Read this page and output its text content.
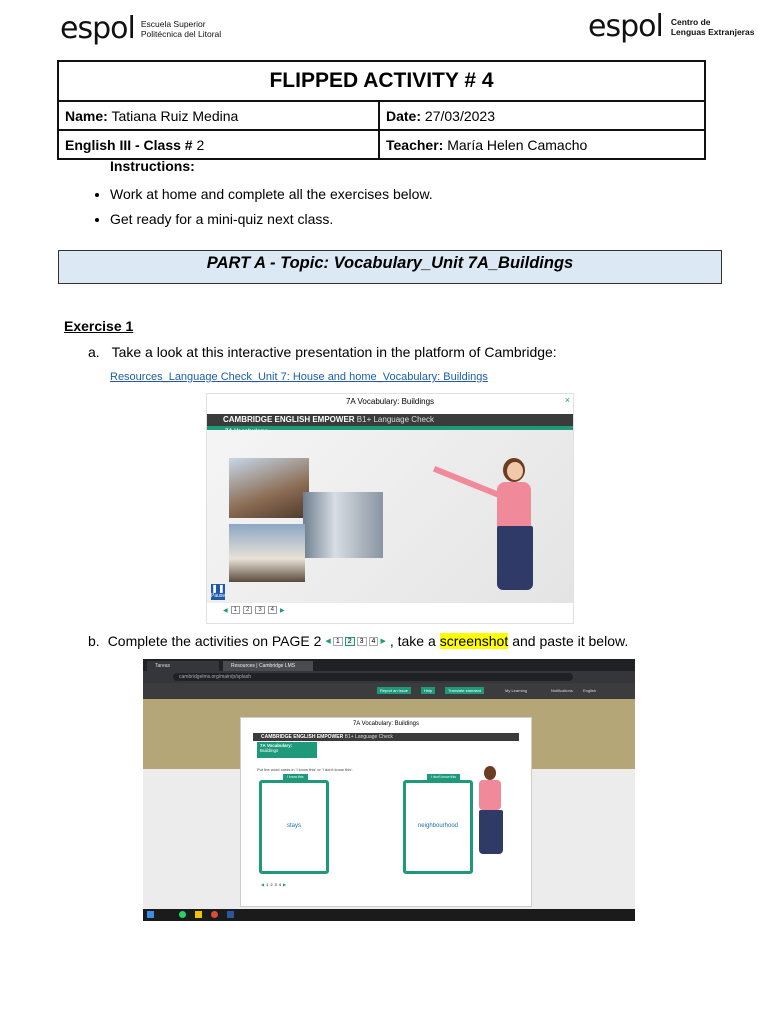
espol Escuela Superior
Politécnica del Litoral	espol Centro de
Lenguas Extranjeras
FLIPPED ACTIVITY # 4	
Name: Tatiana Ruiz Medina	Date: 27/03/2023
English III - Class # 2	Teacher: María Helen Camacho
Instructions:
• Work at home and complete all the exercises below.
• Get ready for a mini-quiz next class.
PART A - Topic: Vocabulary_Unit 7A_Buildings
Exercise 1
a. Take a look at this interactive presentation in the platform of Cambridge:
Resources_Language Check_Unit 7: House and home_Vocabulary: Buildings
7A Vocabulary: Buildings	×
CAMBRIDGE ENGLISH EMPOWER B1+ Language Check
❚❚
Pause
◀	1	2	3	4	▶
b. Complete the activities on PAGE 2 ◀ 1	2	3	4 ▶ , take a screenshot and paste it below.
Tareas	Resources | Cambridge LMS
cambridgelms.org/main/p/splash
Report an issue	Help	Translate standard	My Learning	Notifications	English
7A Vocabulary: Buildings
CAMBRIDGE ENGLISH EMPOWER B1+ Language Check
7A Vocabulary:
Buildings
Put the word cards in 'I know this' or 'I don't know this'.
I know this
stays
I don't know this
neighbourhood
◀ 1 2 3 4 ▶
